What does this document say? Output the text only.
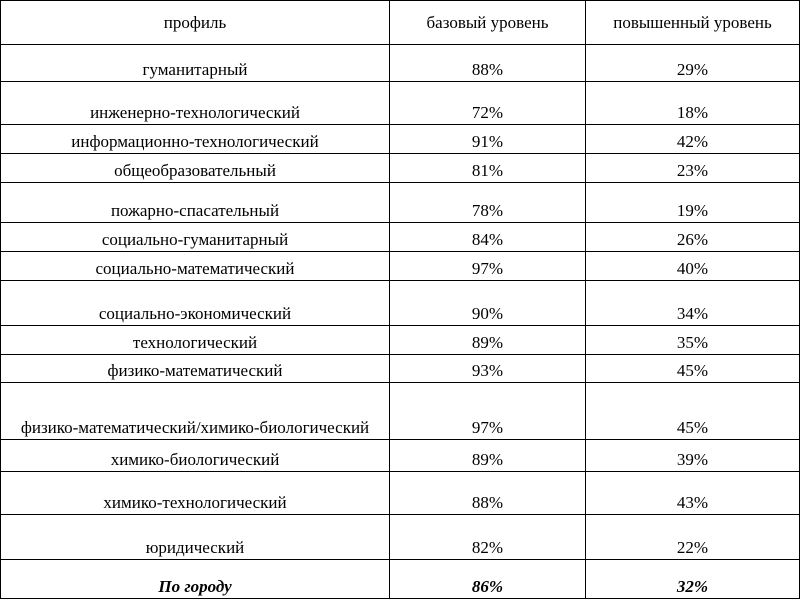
профиль	базовый уровень	повышенный уровень
гуманитарный	88%	29%
инженерно-технологический	72%	18%
информационно-технологический	91%	42%
общеобразовательный	81%	23%
пожарно-спасательный	78%	19%
социально-гуманитарный	84%	26%
социально-математический	97%	40%
социально-экономический	90%	34%
технологический	89%	35%
физико-математический	93%	45%
физико-математический/химико-биологический	97%	45%
химико-биологический	89%	39%
химико-технологический	88%	43%
юридический	82%	22%
По городу	86%	32%
